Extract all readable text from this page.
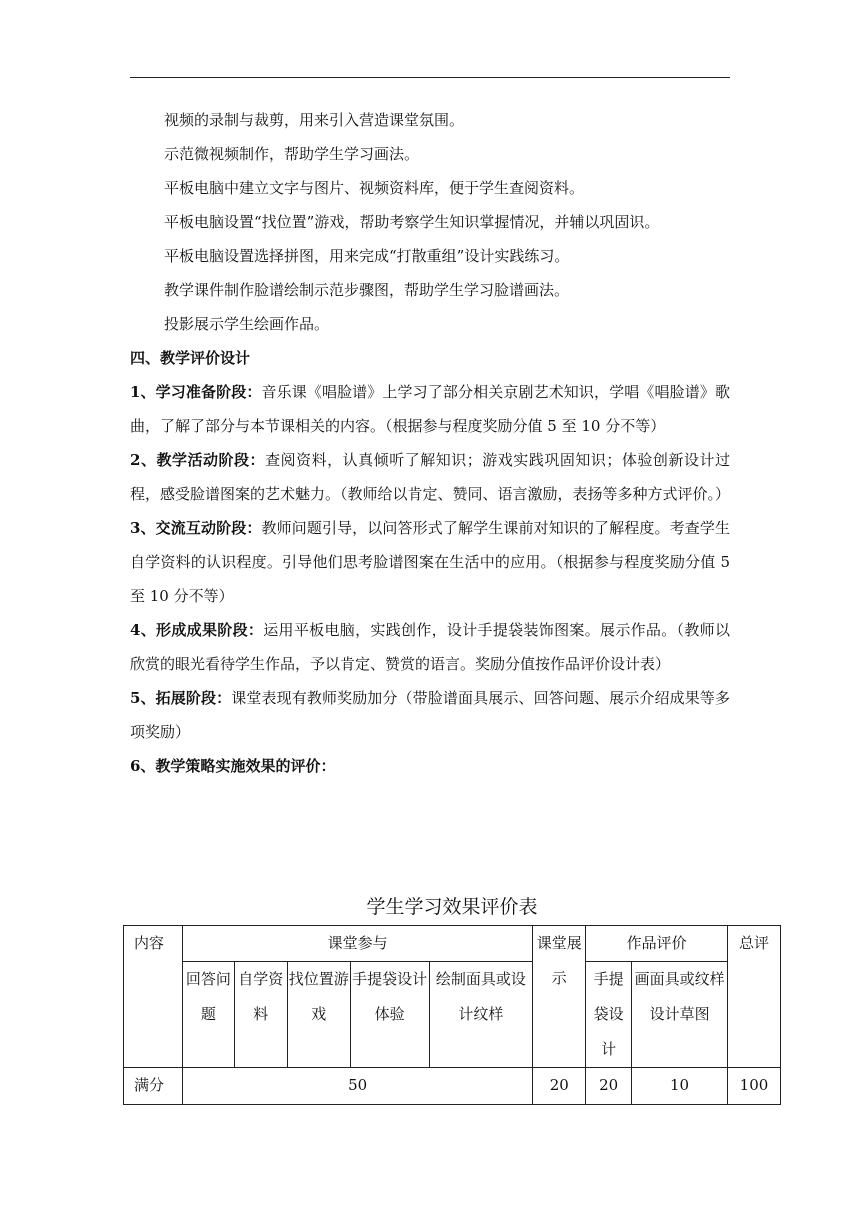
视频的录制与裁剪，用来引入营造课堂氛围。
示范微视频制作，帮助学生学习画法。
平板电脑中建立文字与图片、视频资料库，便于学生查阅资料。
平板电脑设置“找位置”游戏，帮助考察学生知识掌握情况，并辅以巩固识。
平板电脑设置选择拼图，用来完成“打散重组”设计实践练习。
教学课件制作脸谱绘制示范步骤图，帮助学生学习脸谱画法。
投影展示学生绘画作品。
四、教学评价设计
1、学习准备阶段：音乐课《唱脸谱》上学习了部分相关京剧艺术知识，学唱《唱脸谱》歌曲，了解了部分与本节课相关的内容。（根据参与程度奖励分值 5 至 10 分不等）
2、教学活动阶段：查阅资料，认真倾听了解知识；游戏实践巩固知识；体验创新设计过程，感受脸谱图案的艺术魅力。（教师给以肯定、赞同、语言激励，表扬等多种方式评价。）
3、交流互动阶段：教师问题引导，以问答形式了解学生课前对知识的了解程度。考查学生自学资料的认识程度。引导他们思考脸谱图案在生活中的应用。（根据参与程度奖励分值 5 至 10 分不等）
4、形成成果阶段：运用平板电脑，实践创作，设计手提袋装饰图案。展示作品。（教师以欣赏的眼光看待学生作品，予以肯定、赞赏的语言。奖励分值按作品评价设计表）
5、拓展阶段：课堂表现有教师奖励加分（带脸谱面具展示、回答问题、展示介绍成果等多项奖励）
6、教学策略实施效果的评价：
学生学习效果评价表
内容	课堂参与					课堂展示	作品评价		总评
	回答问题	自学资料	找位置游戏	手提袋设计体验	绘制面具或设计纹样		手提袋设计	画面具或纹样设计草图	
满分	50					20	20	10	100
